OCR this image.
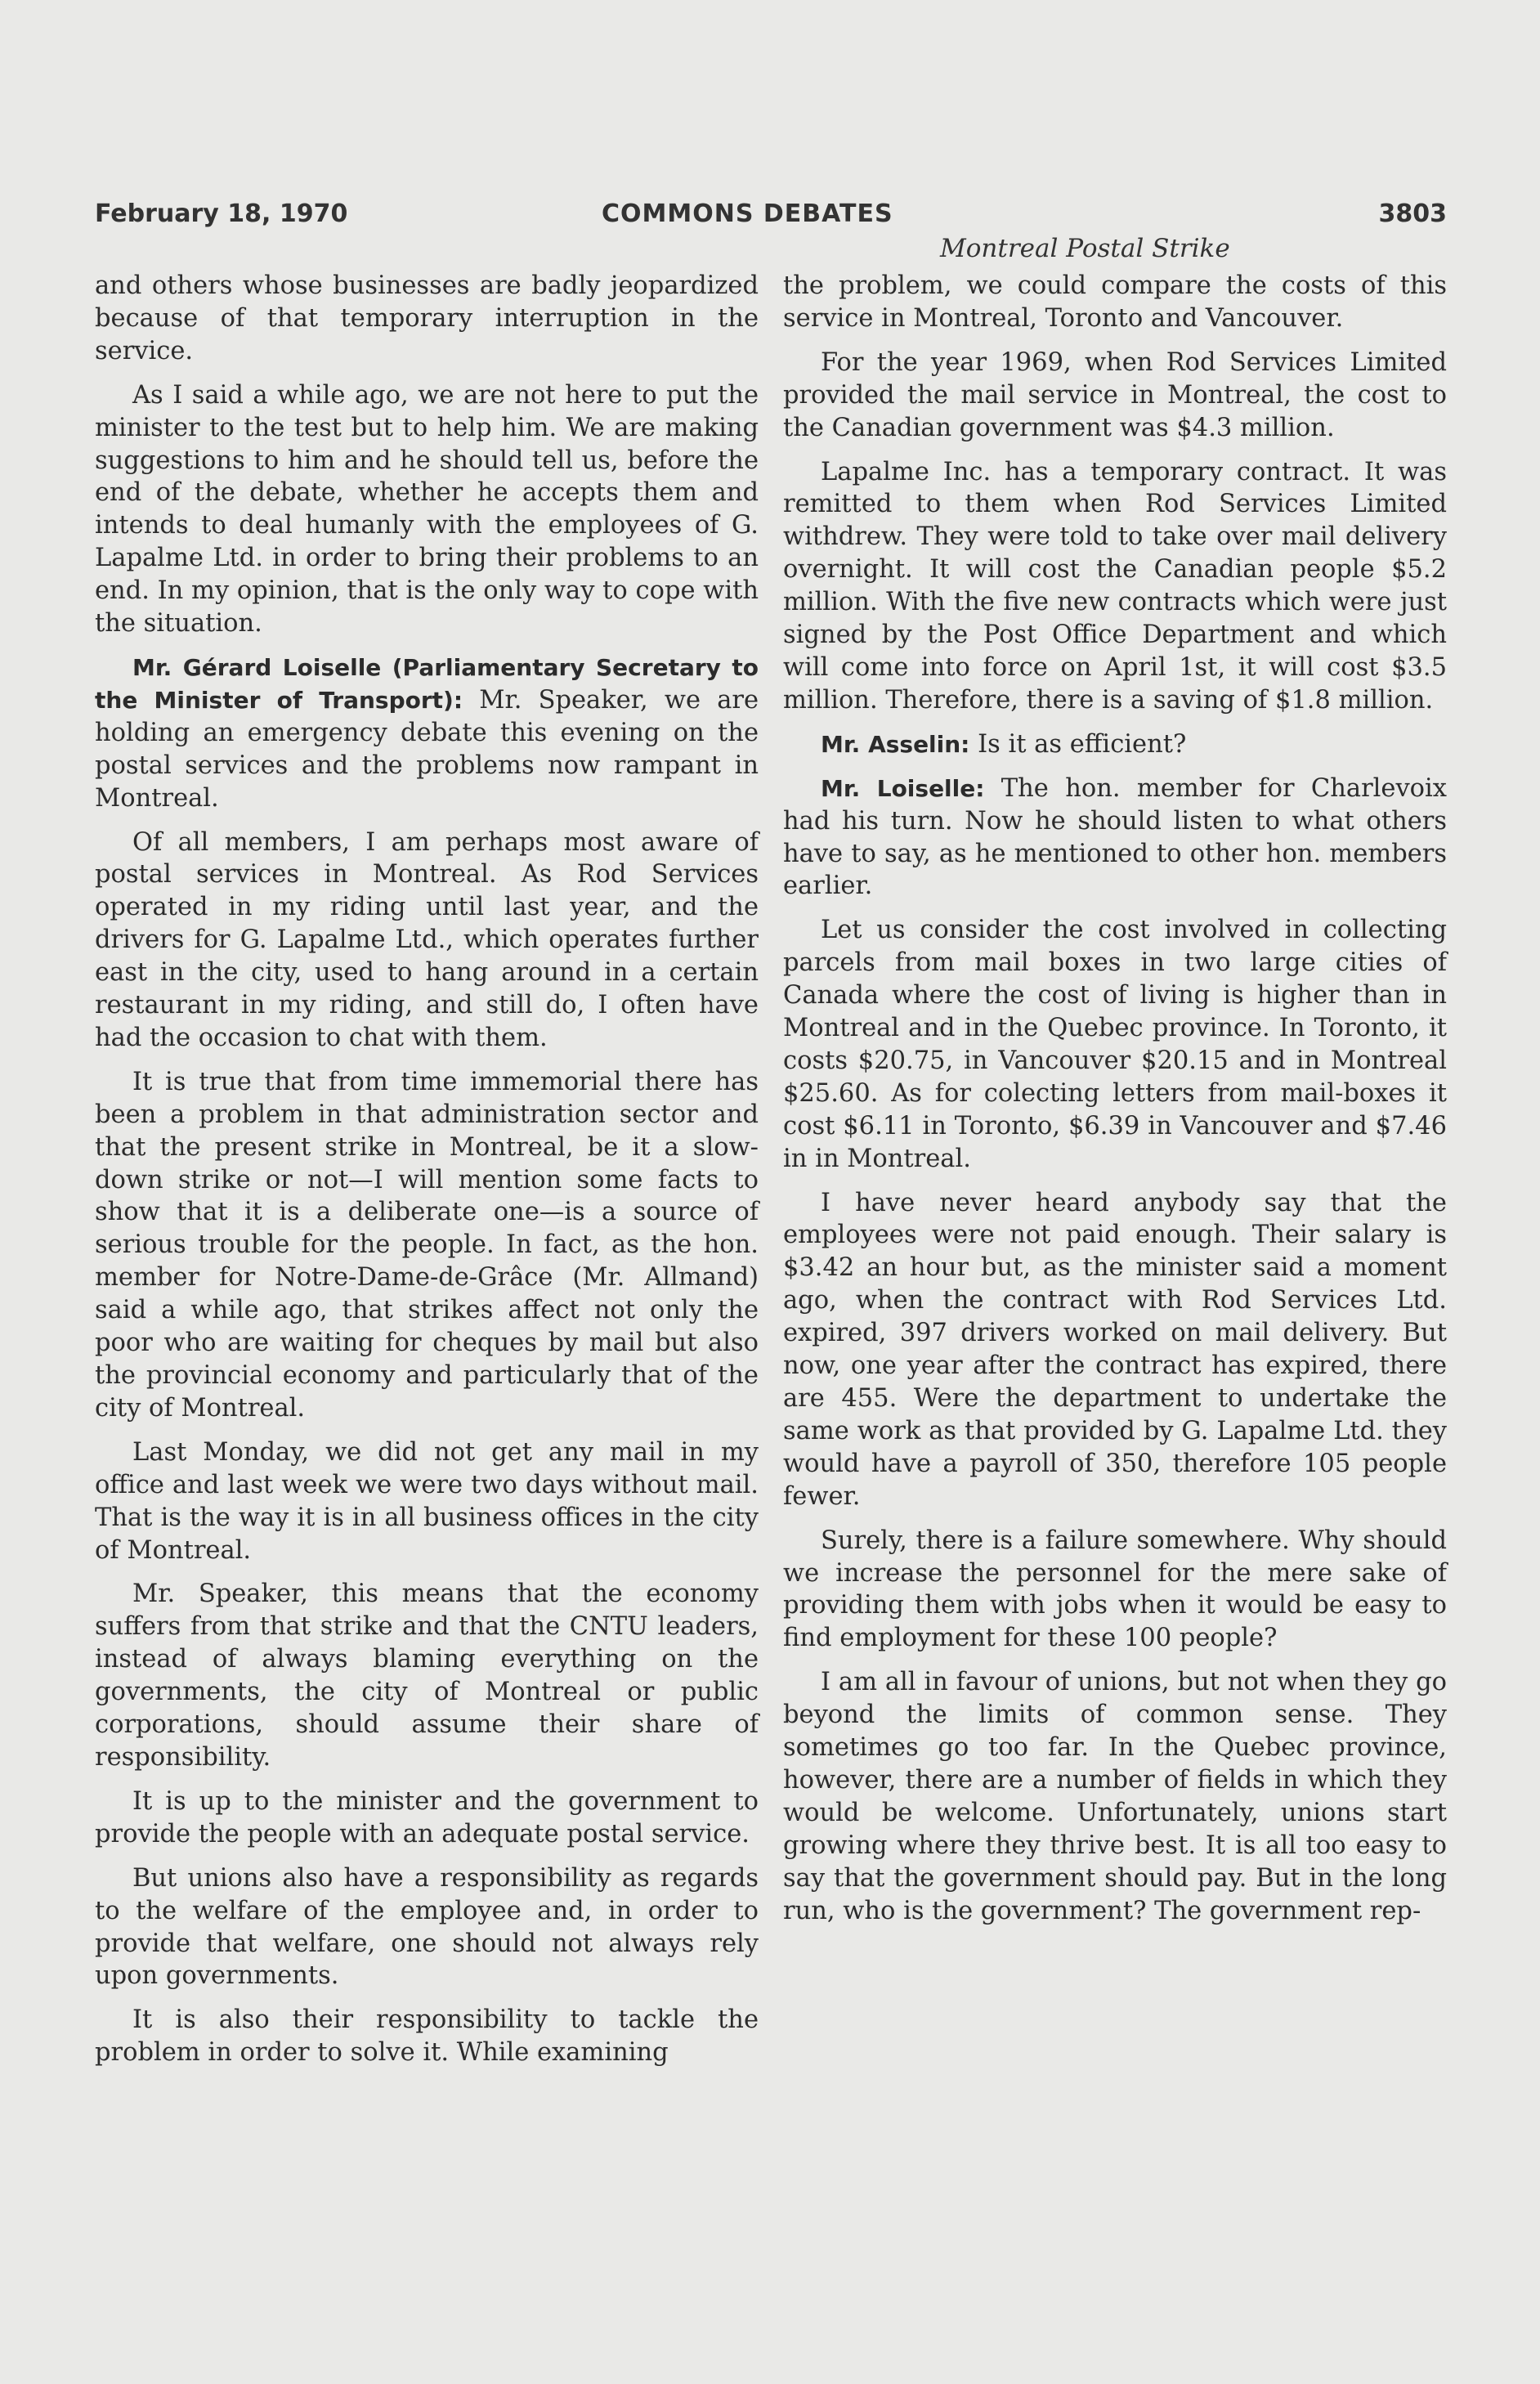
February 18, 1970	COMMONS DEBATES	3803
Montreal Postal Strike

and others whose businesses are badly jeopardized because of that temporary interruption in the service.

As I said a while ago, we are not here to put the minister to the test but to help him. We are making suggestions to him and he should tell us, before the end of the debate, whether he accepts them and intends to deal humanly with the employees of G. Lapalme Ltd. in order to bring their problems to an end. In my opinion, that is the only way to cope with the situation.

Mr. Gérard Loiselle (Parliamentary Secretary to the Minister of Transport): Mr. Speaker, we are holding an emergency debate this evening on the postal services and the problems now rampant in Montreal.

Of all members, I am perhaps most aware of postal services in Montreal. As Rod Services operated in my riding until last year, and the drivers for G. Lapalme Ltd., which operates further east in the city, used to hang around in a certain restaurant in my riding, and still do, I often have had the occasion to chat with them.

It is true that from time immemorial there has been a problem in that administration sector and that the present strike in Montreal, be it a slow-down strike or not—I will mention some facts to show that it is a deliberate one—is a source of serious trouble for the people. In fact, as the hon. member for Notre-Dame-de-Grâce (Mr. Allmand) said a while ago, that strikes affect not only the poor who are waiting for cheques by mail but also the provincial economy and particularly that of the city of Montreal.

Last Monday, we did not get any mail in my office and last week we were two days without mail. That is the way it is in all business offices in the city of Montreal.

Mr. Speaker, this means that the economy suffers from that strike and that the CNTU leaders, instead of always blaming everything on the governments, the city of Montreal or public corporations, should assume their share of responsibility.

It is up to the minister and the government to provide the people with an adequate postal service.

But unions also have a responsibility as regards to the welfare of the employee and, in order to provide that welfare, one should not always rely upon governments.

It is also their responsibility to tackle the problem in order to solve it. While examining

the problem, we could compare the costs of this service in Montreal, Toronto and Vancouver.

For the year 1969, when Rod Services Limited provided the mail service in Montreal, the cost to the Canadian government was $4.3 million.

Lapalme Inc. has a temporary contract. It was remitted to them when Rod Services Limited withdrew. They were told to take over mail delivery overnight. It will cost the Canadian people $5.2 million. With the five new contracts which were just signed by the Post Office Department and which will come into force on April 1st, it will cost $3.5 million. Therefore, there is a saving of $1.8 million.

Mr. Asselin: Is it as efficient?

Mr. Loiselle: The hon. member for Charlevoix had his turn. Now he should listen to what others have to say, as he mentioned to other hon. members earlier.

Let us consider the cost involved in collecting parcels from mail boxes in two large cities of Canada where the cost of living is higher than in Montreal and in the Quebec province. In Toronto, it costs $20.75, in Vancouver $20.15 and in Montreal $25.60. As for colecting letters from mail-boxes it cost $6.11 in Toronto, $6.39 in Vancouver and $7.46 in in Montreal.

I have never heard anybody say that the employees were not paid enough. Their salary is $3.42 an hour but, as the minister said a moment ago, when the contract with Rod Services Ltd. expired, 397 drivers worked on mail delivery. But now, one year after the contract has expired, there are 455. Were the department to undertake the same work as that provided by G. Lapalme Ltd. they would have a payroll of 350, therefore 105 people fewer.

Surely, there is a failure somewhere. Why should we increase the personnel for the mere sake of providing them with jobs when it would be easy to find employment for these 100 people?

I am all in favour of unions, but not when they go beyond the limits of common sense. They sometimes go too far. In the Quebec province, however, there are a number of fields in which they would be welcome. Unfortunately, unions start growing where they thrive best. It is all too easy to say that the government should pay. But in the long run, who is the government? The government rep-
